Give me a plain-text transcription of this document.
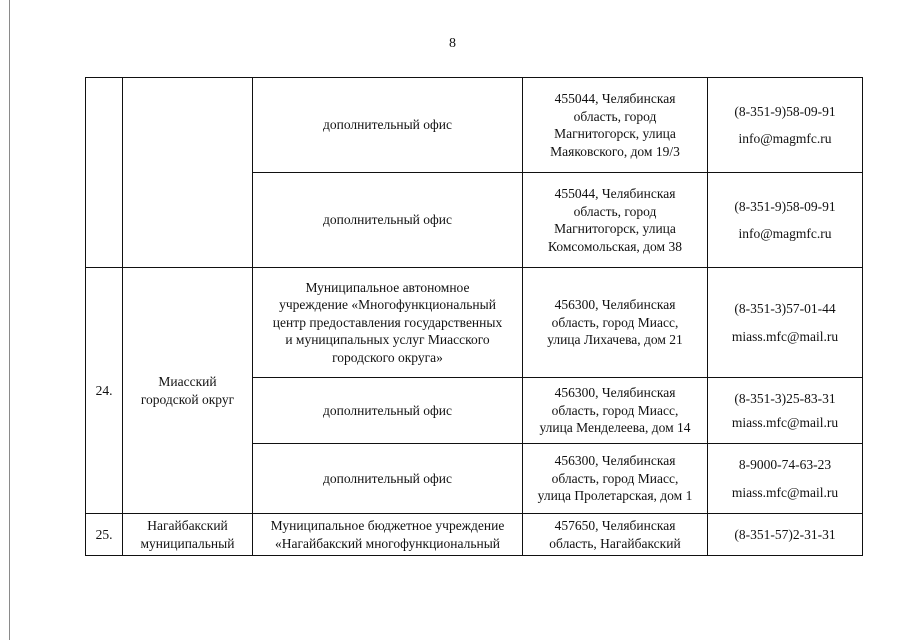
8
		дополнительный офис	455044, Челябинская
область, город
Магнитогорск, улица
Маяковского, дом 19/3	(8-351-9)58-09-91
info@magmfc.ru

		дополнительный офис	455044, Челябинская
область, город
Магнитогорск, улица
Комсомольская, дом 38	(8-351-9)58-09-91
info@magmfc.ru

24.	Миасский
городской округ	Муниципальное автономное
учреждение «Многофункциональный
центр предоставления государственных
и муниципальных услуг Миасского
городского округа»	456300, Челябинская
область, город Миасс,
улица Лихачева, дом 21	(8-351-3)57-01-44
miass.mfc@mail.ru

		дополнительный офис	456300, Челябинская
область, город Миасс,
улица Менделеева, дом 14	(8-351-3)25-83-31
miass.mfc@mail.ru

		дополнительный офис	456300, Челябинская
область, город Миасс,
улица Пролетарская, дом 1	8-9000-74-63-23
miass.mfc@mail.ru

25.	Нагайбакский
муниципальный	Муниципальное бюджетное учреждение
«Нагайбакский многофункциональный	457650, Челябинская
область, Нагайбакский	(8-351-57)2-31-31
